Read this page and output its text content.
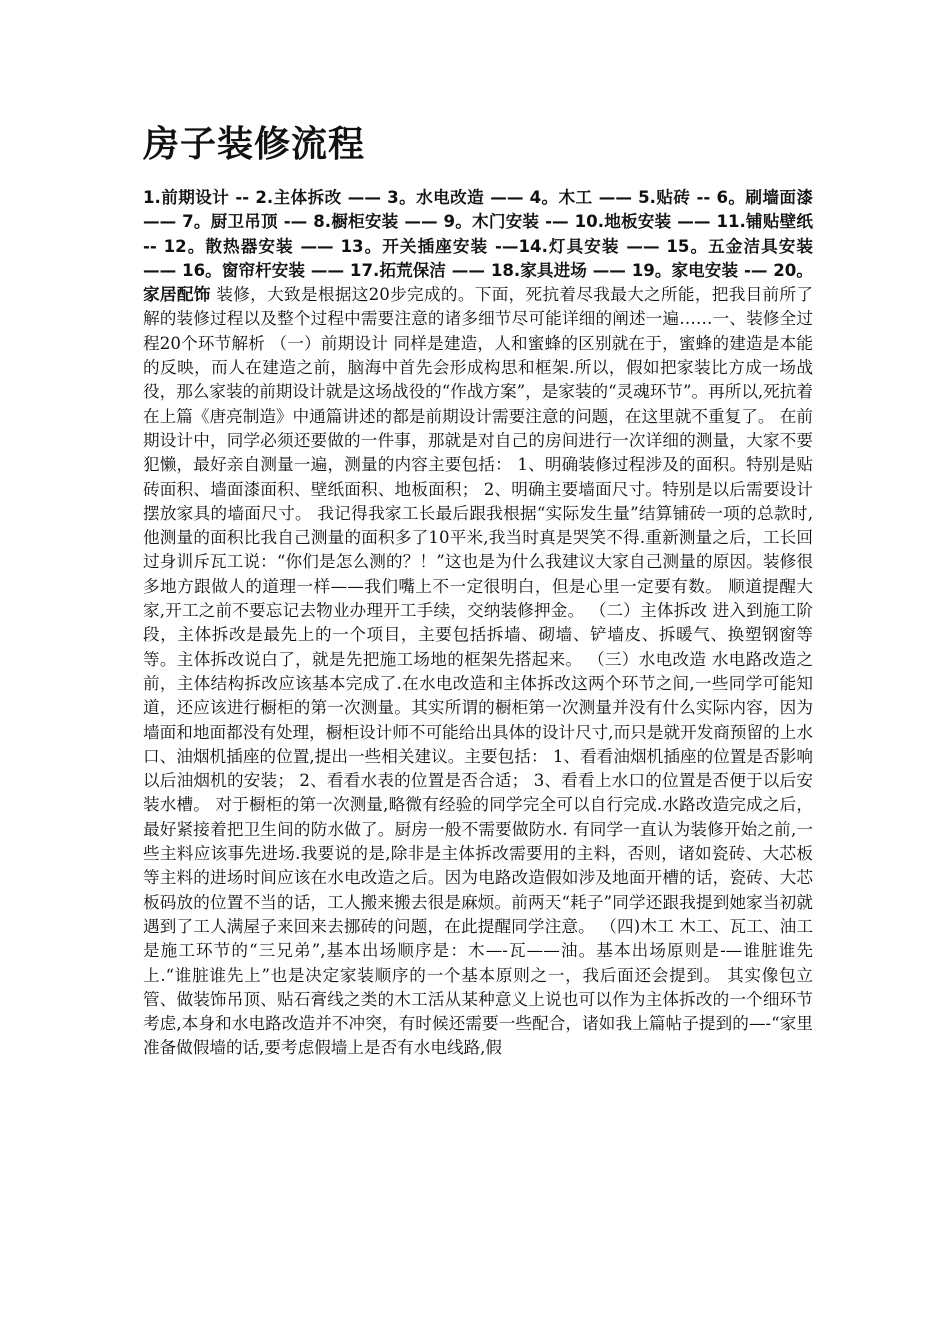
房子装修流程

1.前期设计 -- 2.主体拆改 —— 3。水电改造 —— 4。木工 —— 5.贴砖 -- 6。刷墙面漆 —— 7。厨卫吊顶 -— 8.橱柜安装 —— 9。木门安装 -— 10.地板安装 —— 11.铺贴壁纸 -- 12。散热器安装 —— 13。开关插座安装 -—14.灯具安装 —— 15。五金洁具安装 —— 16。窗帘杆安装 —— 17.拓荒保洁 —— 18.家具进场 —— 19。家电安装 -— 20。家居配饰 装修，大致是根据这20步完成的。下面，死抗着尽我最大之所能，把我目前所了解的装修过程以及整个过程中需要注意的诸多细节尽可能详细的阐述一遍……一、装修全过程20个环节解析 （一）前期设计 同样是建造，人和蜜蜂的区别就在于，蜜蜂的建造是本能的反映，而人在建造之前，脑海中首先会形成构思和框架.所以，假如把家装比方成一场战役，那么家装的前期设计就是这场战役的“作战方案”，是家装的“灵魂环节”。再所以,死抗着在上篇《唐亮制造》中通篇讲述的都是前期设计需要注意的问题，在这里就不重复了。 在前期设计中，同学必须还要做的一件事，那就是对自己的房间进行一次详细的测量，大家不要犯懒，最好亲自测量一遍，测量的内容主要包括： 1、明确装修过程涉及的面积。特别是贴砖面积、墙面漆面积、壁纸面积、地板面积； 2、明确主要墙面尺寸。特别是以后需要设计摆放家具的墙面尺寸。 我记得我家工长最后跟我根据“实际发生量”结算铺砖一项的总款时,他测量的面积比我自己测量的面积多了10平米,我当时真是哭笑不得.重新测量之后，工长回过身训斥瓦工说：“你们是怎么测的？！”这也是为什么我建议大家自己测量的原因。装修很多地方跟做人的道理一样——我们嘴上不一定很明白，但是心里一定要有数。 顺道提醒大家,开工之前不要忘记去物业办理开工手续，交纳装修押金。 （二）主体拆改 进入到施工阶段，主体拆改是最先上的一个项目，主要包括拆墙、砌墙、铲墙皮、拆暖气、换塑钢窗等等。主体拆改说白了，就是先把施工场地的框架先搭起来。 （三）水电改造 水电路改造之前，主体结构拆改应该基本完成了.在水电改造和主体拆改这两个环节之间,一些同学可能知道，还应该进行橱柜的第一次测量。其实所谓的橱柜第一次测量并没有什么实际内容，因为墙面和地面都没有处理，橱柜设计师不可能给出具体的设计尺寸,而只是就开发商预留的上水口、油烟机插座的位置,提出一些相关建议。主要包括： 1、看看油烟机插座的位置是否影响以后油烟机的安装； 2、看看水表的位置是否合适； 3、看看上水口的位置是否便于以后安装水槽。 对于橱柜的第一次测量,略微有经验的同学完全可以自行完成.水路改造完成之后，最好紧接着把卫生间的防水做了。厨房一般不需要做防水. 有同学一直认为装修开始之前,一些主料应该事先进场.我要说的是,除非是主体拆改需要用的主料，否则，诸如瓷砖、大芯板等主料的进场时间应该在水电改造之后。因为电路改造假如涉及地面开槽的话，瓷砖、大芯板码放的位置不当的话，工人搬来搬去很是麻烦。前两天“耗子”同学还跟我提到她家当初就遇到了工人满屋子来回来去挪砖的问题，在此提醒同学注意。 （四)木工 木工、瓦工、油工是施工环节的“三兄弟”,基本出场顺序是：木—-瓦——油。基本出场原则是-—谁脏谁先上.“谁脏谁先上”也是决定家装顺序的一个基本原则之一，我后面还会提到。 其实像包立管、做装饰吊顶、贴石膏线之类的木工活从某种意义上说也可以作为主体拆改的一个细环节考虑,本身和水电路改造并不冲突，有时候还需要一些配合，诸如我上篇帖子提到的—-“家里准备做假墙的话,要考虑假墙上是否有水电线路,假
